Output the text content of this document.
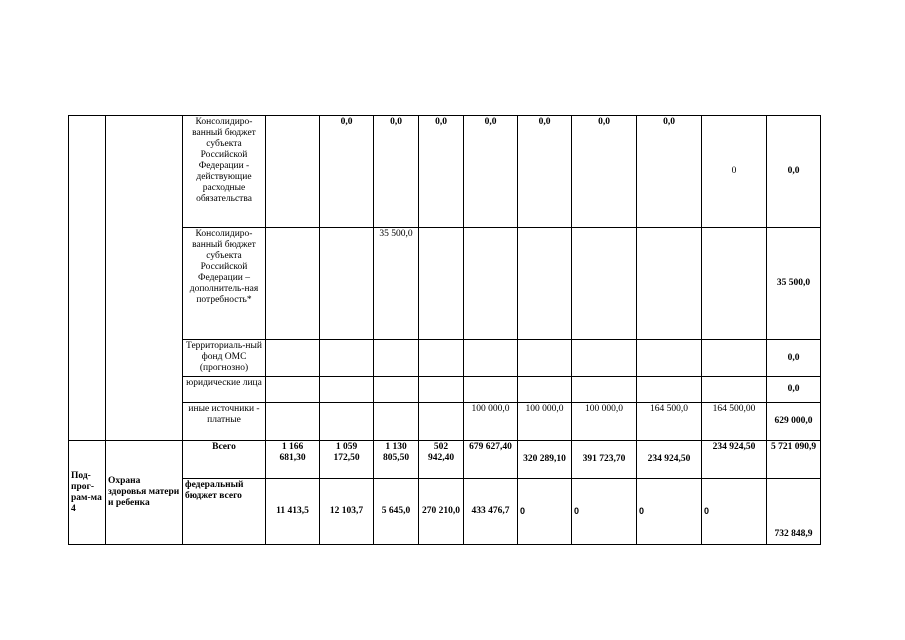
		Консолидиро-ванный бюджет субъекта Российской Федерации - действующие расходные обязательства		0,0	0,0	0,0	0,0	0,0	0,0	0,0	0	0,0
		Консолидиро-ванный бюджет субъекта Российской Федерации – дополнитель-ная потребность*			35 500,0							35 500,0
		Территориаль-ный фонд ОМС (прогнозно)										0,0
		юридические лица										0,0
		иные источники - платные					100 000,0	100 000,0	100 000,0	164 500,0	164 500,00	629 000,0
Под-прог-рам-ма 4	Охрана здоровья матери и ребенка	Всего	1 166 681,30	1 059 172,50	1 130 805,50	502 942,40	679 627,40	320 289,10	391 723,70	234 924,50	234 924,50	5 721 090,9
		федеральный бюджет всего	11 413,5	12 103,7	5 645,0	270 210,0	433 476,7	0	0	0	0	732 848,9
